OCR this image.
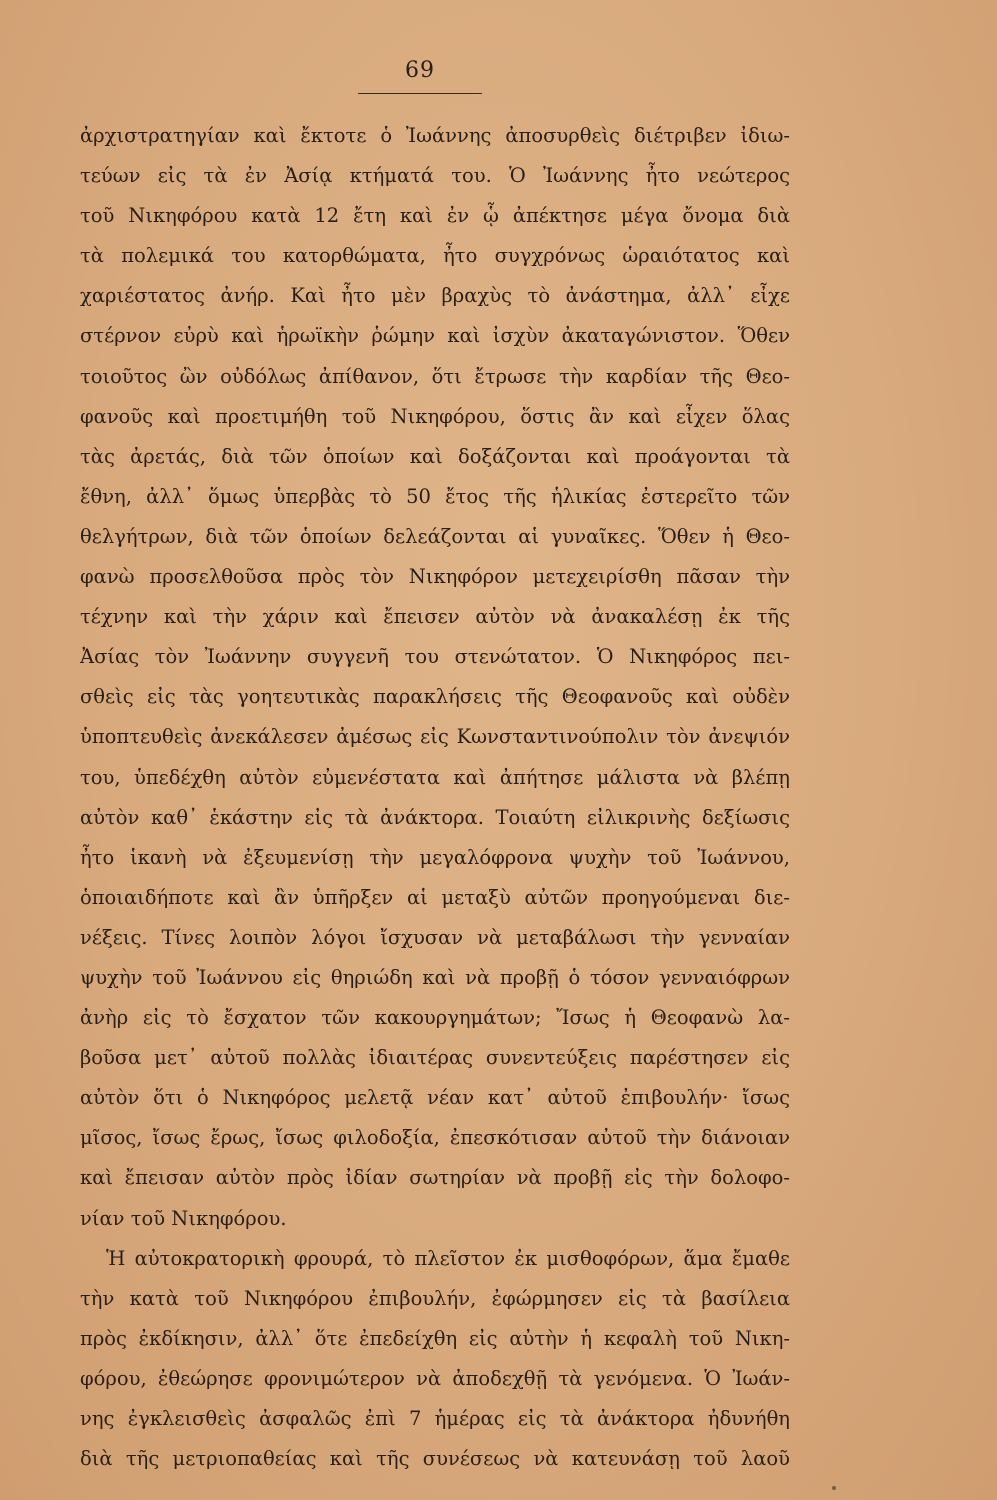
69
ἀρχιστρατηγίαν καὶ ἔκτοτε ὁ Ἰωάννης ἀποσυρθεὶς διέτριβεν ἰδιω-
τεύων εἰς τὰ ἐν Ἀσίᾳ κτήματά του. Ὁ Ἰωάννης ἦτο νεώτερος
τοῦ Νικηφόρου κατὰ 12 ἔτη καὶ ἐν ᾧ ἀπέκτησε μέγα ὄνομα διὰ
τὰ πολεμικά του κατορθώματα, ἦτο συγχρόνως ὡραιότατος καὶ
χαριέστατος ἀνήρ. Καὶ ἦτο μὲν βραχὺς τὸ ἀνάστημα, ἀλλ᾽ εἶχε
στέρνον εὐρὺ καὶ ἡρωϊκὴν ῥώμην καὶ ἰσχὺν ἀκαταγώνιστον. Ὅθεν
τοιοῦτος ὢν οὐδόλως ἀπίθανον, ὅτι ἔτρωσε τὴν καρδίαν τῆς Θεο-
φανοῦς καὶ προετιμήθη τοῦ Νικηφόρου, ὅστις ἂν καὶ εἶχεν ὅλας
τὰς ἀρετάς, διὰ τῶν ὁποίων καὶ δοξάζονται καὶ προάγονται τὰ
ἔθνη, ἀλλ᾽ ὅμως ὑπερβὰς τὸ 50 ἔτος τῆς ἡλικίας ἐστερεῖτο τῶν
θελγήτρων, διὰ τῶν ὁποίων δελεάζονται αἱ γυναῖκες. Ὅθεν ἡ Θεο-
φανὼ προσελθοῦσα πρὸς τὸν Νικηφόρον μετεχειρίσθη πᾶσαν τὴν
τέχνην καὶ τὴν χάριν καὶ ἔπεισεν αὐτὸν νὰ ἀνακαλέσῃ ἐκ τῆς
Ἀσίας τὸν Ἰωάννην συγγενῆ του στενώτατον. Ὁ Νικηφόρος πει-
σθεὶς εἰς τὰς γοητευτικὰς παρακλήσεις τῆς Θεοφανοῦς καὶ οὐδὲν
ὑποπτευθεὶς ἀνεκάλεσεν ἀμέσως εἰς Κωνσταντινούπολιν τὸν ἀνεψιόν
του, ὑπεδέχθη αὐτὸν εὐμενέστατα καὶ ἀπήτησε μάλιστα νὰ βλέπῃ
αὐτὸν καθ᾽ ἑκάστην εἰς τὰ ἀνάκτορα. Τοιαύτη εἰλικρινὴς δεξίωσις
ἦτο ἱκανὴ νὰ ἐξευμενίσῃ τὴν μεγαλόφρονα ψυχὴν τοῦ Ἰωάννου,
ὁποιαιδήποτε καὶ ἂν ὑπῆρξεν αἱ μεταξὺ αὐτῶν προηγούμεναι διε-
νέξεις. Τίνες λοιπὸν λόγοι ἴσχυσαν νὰ μεταβάλωσι τὴν γενναίαν
ψυχὴν τοῦ Ἰωάννου εἰς θηριώδη καὶ νὰ προβῇ ὁ τόσον γενναιόφρων
ἀνὴρ εἰς τὸ ἔσχατον τῶν κακουργημάτων; Ἴσως ἡ Θεοφανὼ λα-
βοῦσα μετ᾽ αὐτοῦ πολλὰς ἰδιαιτέρας συνεντεύξεις παρέστησεν εἰς
αὐτὸν ὅτι ὁ Νικηφόρος μελετᾷ νέαν κατ᾽ αὐτοῦ ἐπιβουλήν· ἴσως
μῖσος, ἴσως ἔρως, ἴσως φιλοδοξία, ἐπεσκότισαν αὐτοῦ τὴν διάνοιαν
καὶ ἔπεισαν αὐτὸν πρὸς ἰδίαν σωτηρίαν νὰ προβῇ εἰς τὴν δολοφο-
νίαν τοῦ Νικηφόρου.
Ἡ αὐτοκρατορικὴ φρουρά, τὸ πλεῖστον ἐκ μισθοφόρων, ἅμα ἔμαθε
τὴν κατὰ τοῦ Νικηφόρου ἐπιβουλήν, ἐφώρμησεν εἰς τὰ βασίλεια
πρὸς ἐκδίκησιν, ἀλλ᾽ ὅτε ἐπεδείχθη εἰς αὐτὴν ἡ κεφαλὴ τοῦ Νικη-
φόρου, ἐθεώρησε φρονιμώτερον νὰ ἀποδεχθῇ τὰ γενόμενα. Ὁ Ἰωάν-
νης ἐγκλεισθεὶς ἀσφαλῶς ἐπὶ 7 ἡμέρας εἰς τὰ ἀνάκτορα ἠδυνήθη
διὰ τῆς μετριοπαθείας καὶ τῆς συνέσεως νὰ κατευνάσῃ τοῦ λαοῦ
